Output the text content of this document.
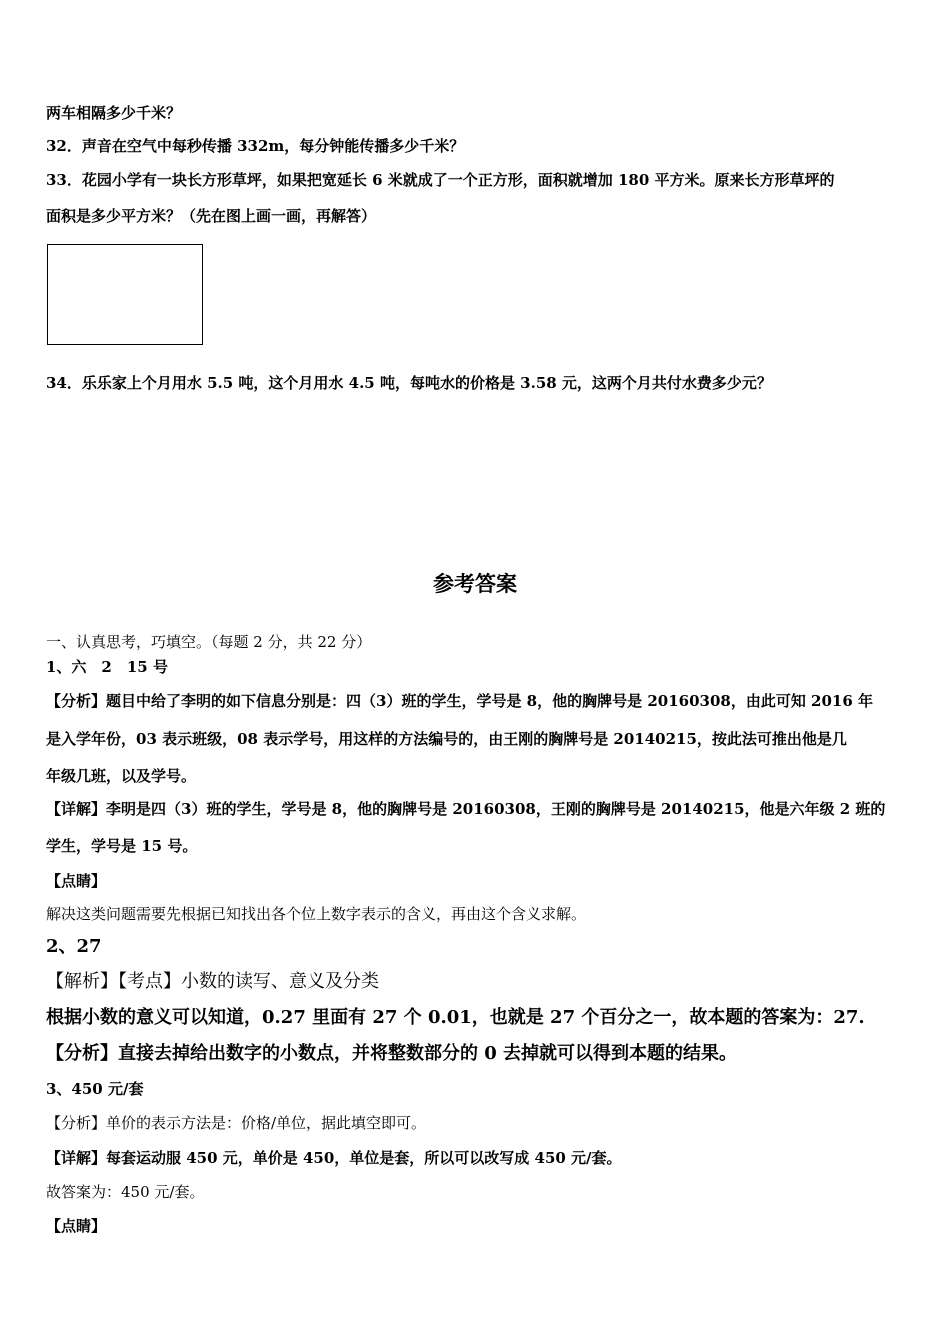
两车相隔多少千米？
32．声音在空气中每秒传播 332m，每分钟能传播多少千米？
33．花园小学有一块长方形草坪，如果把宽延长 6 米就成了一个正方形，面积就增加 180 平方米。原来长方形草坪的
面积是多少平方米？（先在图上画一画，再解答）
34．乐乐家上个月用水 5.5 吨，这个月用水 4.5 吨，每吨水的价格是 3.58 元，这两个月共付水费多少元？
参考答案
一、认真思考，巧填空。（每题 2 分，共 22 分）
1、六　2　15 号
【分析】题目中给了李明的如下信息分别是：四（3）班的学生，学号是 8，他的胸牌号是 20160308，由此可知 2016 年
是入学年份，03 表示班级，08 表示学号，用这样的方法编号的，由王刚的胸牌号是 20140215，按此法可推出他是几
年级几班，以及学号。
【详解】李明是四（3）班的学生，学号是 8，他的胸牌号是 20160308，王刚的胸牌号是 20140215，他是六年级 2 班的
学生，学号是 15 号。
【点睛】
解决这类问题需要先根据已知找出各个位上数字表示的含义，再由这个含义求解。
2、27
【解析】【考点】小数的读写、意义及分类
根据小数的意义可以知道，0.27 里面有 27 个 0.01，也就是 27 个百分之一，故本题的答案为：27.
【分析】直接去掉给出数字的小数点，并将整数部分的 0 去掉就可以得到本题的结果。
3、450 元/套
【分析】单价的表示方法是：价格/单位，据此填空即可。
【详解】每套运动服 450 元，单价是 450，单位是套，所以可以改写成 450 元/套。
故答案为：450 元/套。
【点睛】
